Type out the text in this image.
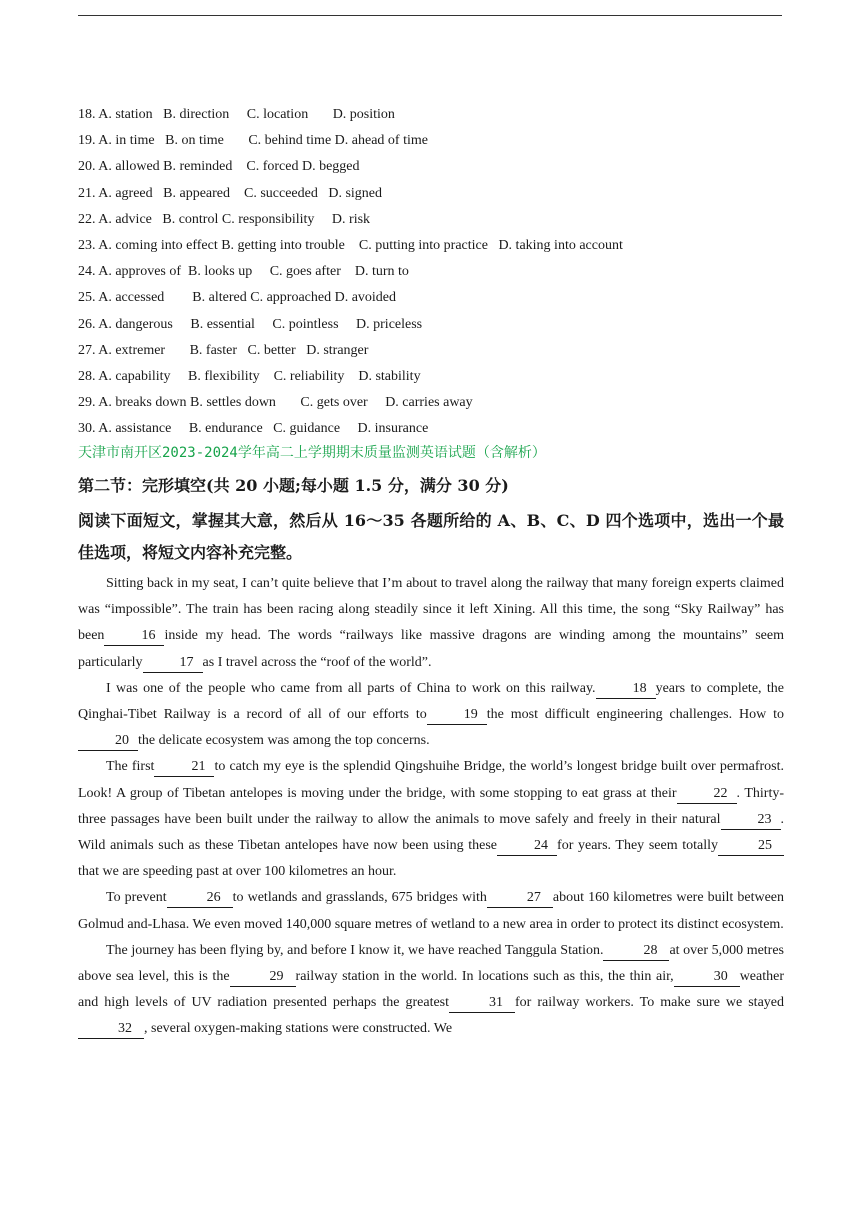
18. A. station   B. direction     C. location       D. position
19. A. in time   B. on time       C. behind time D. ahead of time
20. A. allowed B. reminded    C. forced D. begged
21. A. agreed   B. appeared    C. succeeded   D. signed
22. A. advice   B. control C. responsibility     D. risk
23. A. coming into effect B. getting into trouble    C. putting into practice   D. taking into account
24. A. approves of  B. looks up     C. goes after    D. turn to
25. A. accessed        B. altered C. approached D. avoided
26. A. dangerous     B. essential     C. pointless     D. priceless
27. A. extremer       B. faster   C. better   D. stranger
28. A. capability     B. flexibility    C. reliability    D. stability
29. A. breaks down B. settles down       C. gets over     D. carries away
30. A. assistance     B. endurance   C. guidance     D. insurance
天津市南开区2023-2024学年高二上学期期末质量监测英语试题（含解析）
第二节：完形填空(共 20 小题;每小题 1.5 分，满分 30 分)
阅读下面短文，掌握其大意，然后从 16～35 各题所给的 A、B、C、D 四个选项中，选出一个最佳选项，将短文内容补充完整。

Sitting back in my seat, I can’t quite believe that I’m about to travel along the railway that many foreign experts claimed was “impossible”. The train has been racing along steadily since it left Xining. All this time, the song “Sky Railway” has been	16 inside my head. The words “railways like massive dragons are winding among the mountains” seem particularly	17 as I travel across the “roof of the world”.

I was one of the people who came from all parts of China to work on this railway.	18 years to complete, the Qinghai-Tibet Railway is a record of all of our efforts to	19 the most difficult engineering challenges. How to20 the delicate ecosystem was among the top concerns.

The first	21 to catch my eye is the splendid Qingshuihe Bridge, the world’s longest bridge built over permafrost. Look! A group of Tibetan antelopes is moving under the bridge, with some stopping to eat grass at their	22 . Thirty-three passages have been built under the railway to allow the animals to move safely and freely in their natural	23 . Wild animals such as these Tibetan antelopes have now been using these	24 for years. They seem totally	25that we are speeding past at over 100 kilometres an hour.

To prevent	26 to wetlands and grasslands, 675 bridges with	27 about 160 kilometres were built between Golmud and-Lhasa. We even moved 140,000 square metres of wetland to a new area in order to protect its distinct ecosystem.

The journey has been flying by, and before I know it, we have reached Tanggula Station.	28 at over 5,000 metres above sea level, this is the	29 railway station in the world. In locations such as this, the thin air,	30 weather and high levels of UV radiation presented perhaps the greatest	31 for railway workers. To make sure we stayed32 , several oxygen-making stations were constructed. We
